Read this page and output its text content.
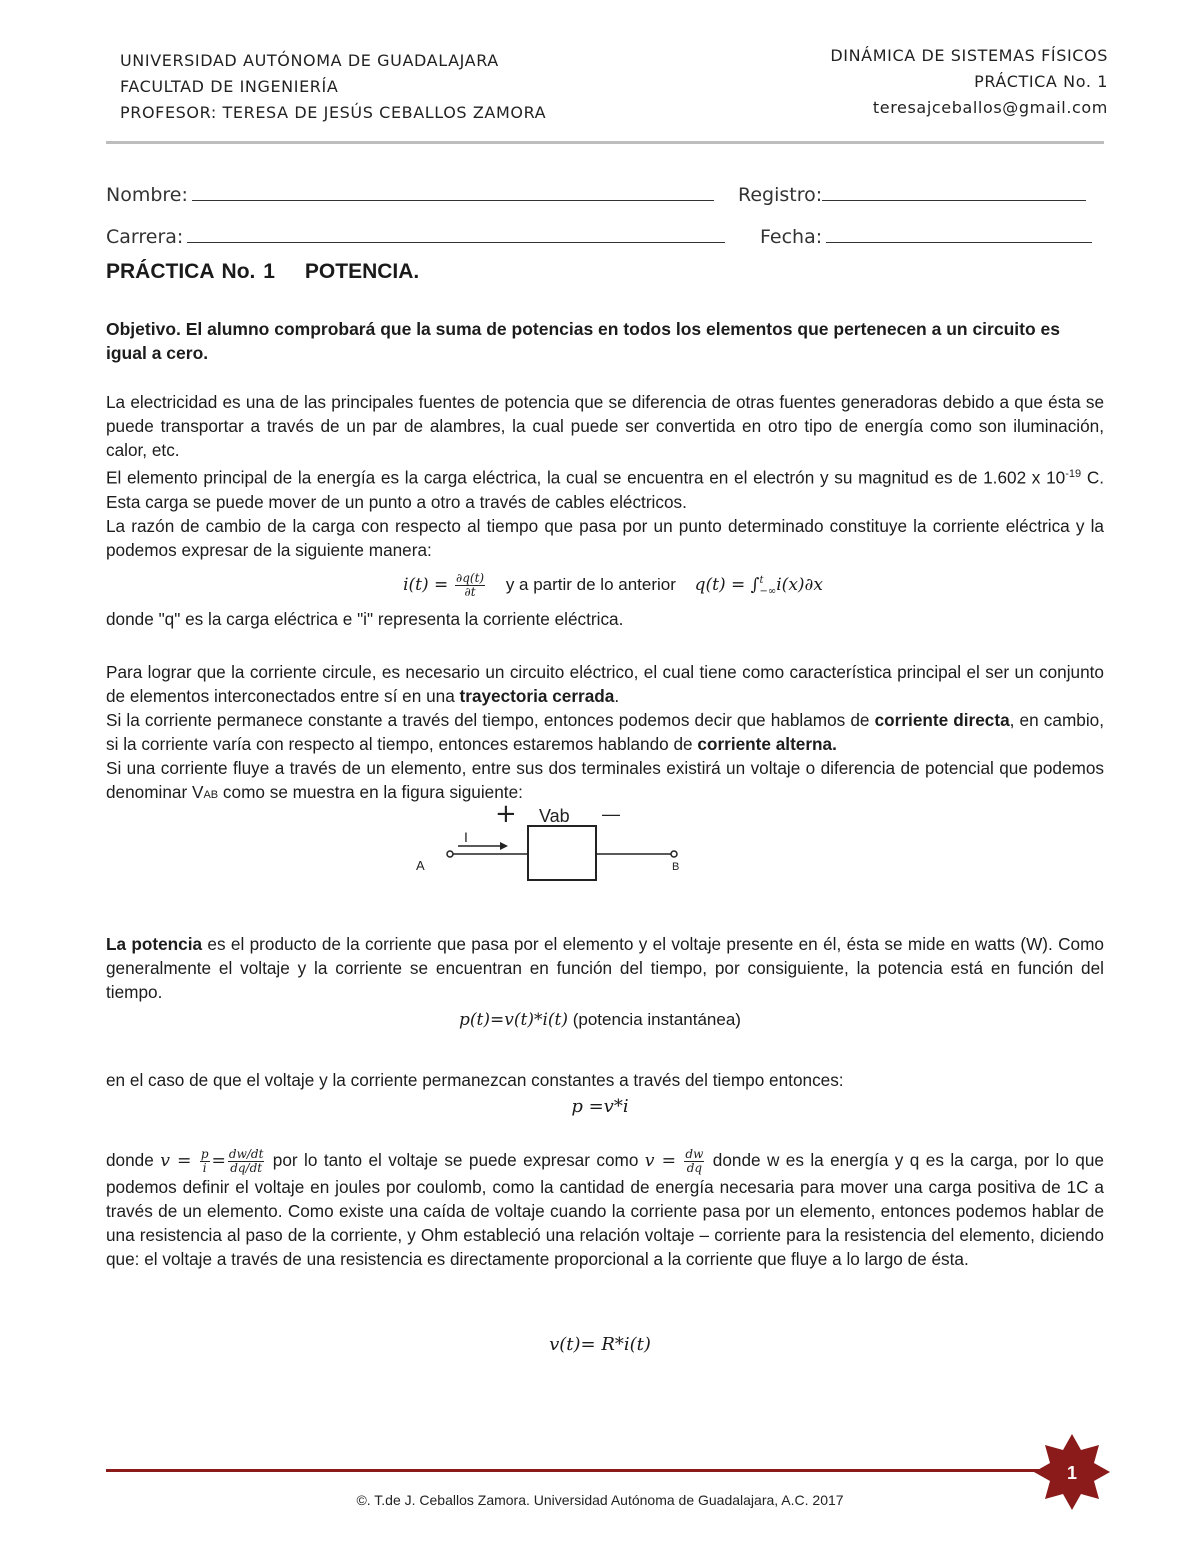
UNIVERSIDAD AUTÓNOMA DE GUADALAJARA
FACULTAD DE INGENIERÍA
PROFESOR: TERESA DE JESÚS CEBALLOS ZAMORA
DINÁMICA DE SISTEMAS FÍSICOS
PRÁCTICA No. 1
teresajceballos@gmail.com
Nombre:	Registro:
Carrera:	Fecha:
PRÁCTICA No. 1 POTENCIA.
Objetivo. El alumno comprobará que la suma de potencias en todos los elementos que pertenecen a un circuito es igual a cero.

La electricidad es una de las principales fuentes de potencia que se diferencia de otras fuentes generadoras debido a que ésta se puede transportar a través de un par de alambres, la cual puede ser convertida en otro tipo de energía como son iluminación, calor, etc.

El elemento principal de la energía es la carga eléctrica, la cual se encuentra en el electrón y su magnitud es de 1.602 x $10^{-19}$ C. Esta carga se puede mover de un punto a otro a través de cables eléctricos.

La razón de cambio de la carga con respecto al tiempo que pasa por un punto determinado constituye la corriente eléctrica y la podemos expresar de la siguiente manera:

$i(t) = \frac{\partial q(t)}{\partial t}$ y a partir de lo anterior q(t) = ∫ t
−∞ i(x)∂x
donde "q" es la carga eléctrica e "i" representa la corriente eléctrica.

Para lograr que la corriente circule, es necesario un circuito eléctrico, el cual tiene como característica principal el ser un conjunto de elementos interconectados entre sí en una trayectoria cerrada.

Si la corriente permanece constante a través del tiempo, entonces podemos decir que hablamos de corriente directa, en cambio, si la corriente varía con respecto al tiempo, entonces estaremos hablando de corriente alterna.

Si una corriente fluye a través de un elemento, entre sus dos terminales existirá un voltaje o diferencia de potencial que podemos denominar VAB como se muestra en la figura siguiente:

+ Vab —
I
A	B

La potencia es el producto de la corriente que pasa por el elemento y el voltaje presente en él, ésta se mide en watts (W). Como generalmente el voltaje y la corriente se encuentran en función del tiempo, por consiguiente, la potencia está en función del tiempo.

p(t)=v(t)*i(t) (potencia instantánea)
en el caso de que el voltaje y la corriente permanezcan constantes a través del tiempo entonces:
p =v*i
donde $v = \frac{p}{i} = \frac{dw/dt}{dq/dt}$ por lo tanto el voltaje se puede expresar como $v = \frac{dw}{dq}$ donde w es la energía y q es la carga, por lo que podemos definir el voltaje en joules por coulomb, como la cantidad de energía necesaria para mover una carga positiva de 1C a través de un elemento. Como existe una caída de voltaje cuando la corriente pasa por un elemento, entonces podemos hablar de una resistencia al paso de la corriente, y Ohm estableció una relación voltaje – corriente para la resistencia del elemento, diciendo que: el voltaje a través de una resistencia es directamente proporcional a la corriente que fluye a lo largo de ésta.
v(t)= R*i(t)
1
©. T.de J. Ceballos Zamora. Universidad Autónoma de Guadalajara, A.C. 2017
